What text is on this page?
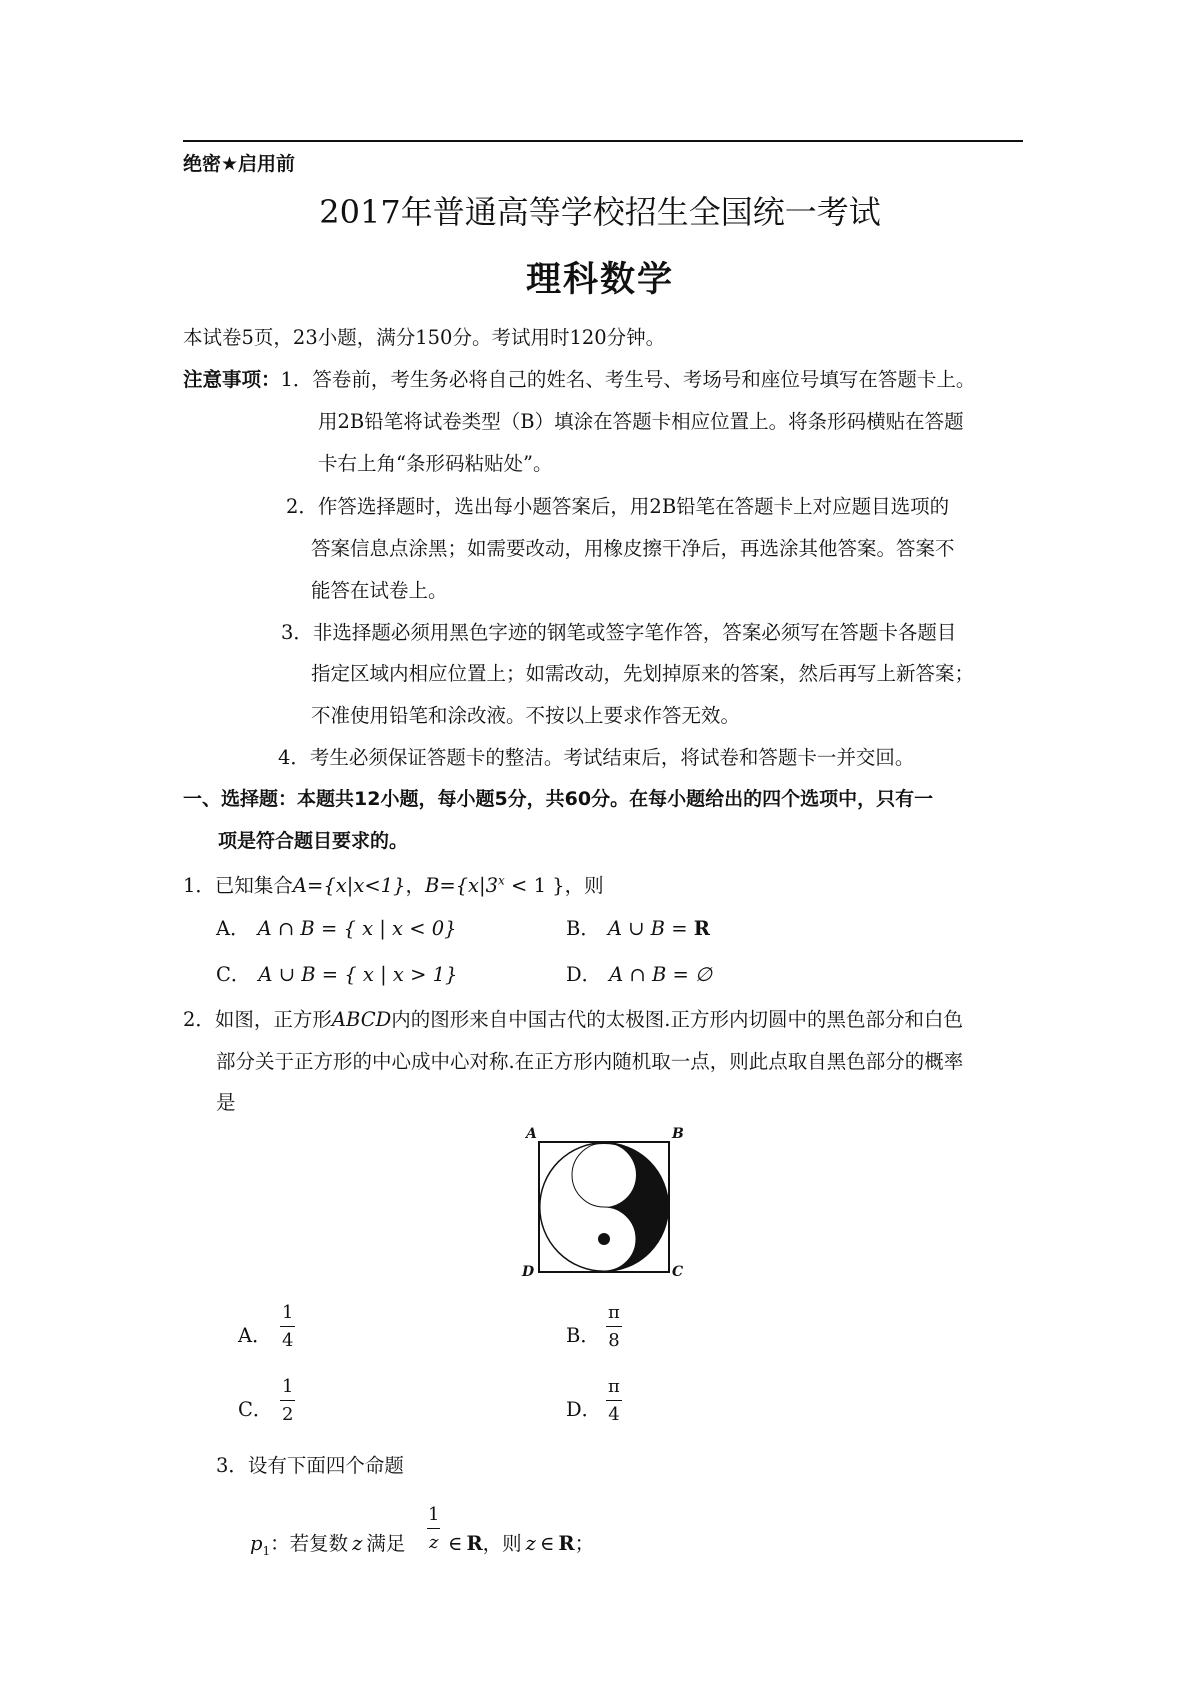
绝密★启用前
2017年普通高等学校招生全国统一考试
理科数学
本试卷5页，23小题，满分150分。考试用时120分钟。
注意事项：1．答卷前，考生务必将自己的姓名、考生号、考场号和座位号填写在答题卡上。
用2B铅笔将试卷类型（B）填涂在答题卡相应位置上。将条形码横贴在答题
卡右上角“条形码粘贴处”。
2．作答选择题时，选出每小题答案后，用2B铅笔在答题卡上对应题目选项的
答案信息点涂黑；如需要改动，用橡皮擦干净后，再选涂其他答案。答案不
能答在试卷上。
3．非选择题必须用黑色字迹的钢笔或签字笔作答，答案必须写在答题卡各题目
指定区域内相应位置上；如需改动，先划掉原来的答案，然后再写上新答案；
不准使用铅笔和涂改液。不按以上要求作答无效。
4．考生必须保证答题卡的整洁。考试结束后，将试卷和答题卡一并交回。
一、选择题：本题共12小题，每小题5分，共60分。在每小题给出的四个选项中，只有一
项是符合题目要求的。
1．已知集合A={x|x<1}，$B=\{x|3^x < 1$ }，则
A． A ∩ B = { x | x < 0}	B． A ∪ B = R
C． A ∪ B = { x | x > 1}	D． A ∩ B = ∅
2．如图，正方形ABCD内的图形来自中国古代的太极图.正方形内切圆中的黑色部分和白色
部分关于正方形的中心成中心对称.在正方形内随机取一点，则此点取自黑色部分的概率
是
A	B
D	C
A． $\frac{1}{4}$	B． $\frac{\pi}{8}$
C． $\frac{1}{2}$	D． $\frac{\pi}{4}$
3．设有下面四个命题
$p_1$：若复数 z 满足 $\frac{1}{z}$ ∈ R，则 z ∈ R；
